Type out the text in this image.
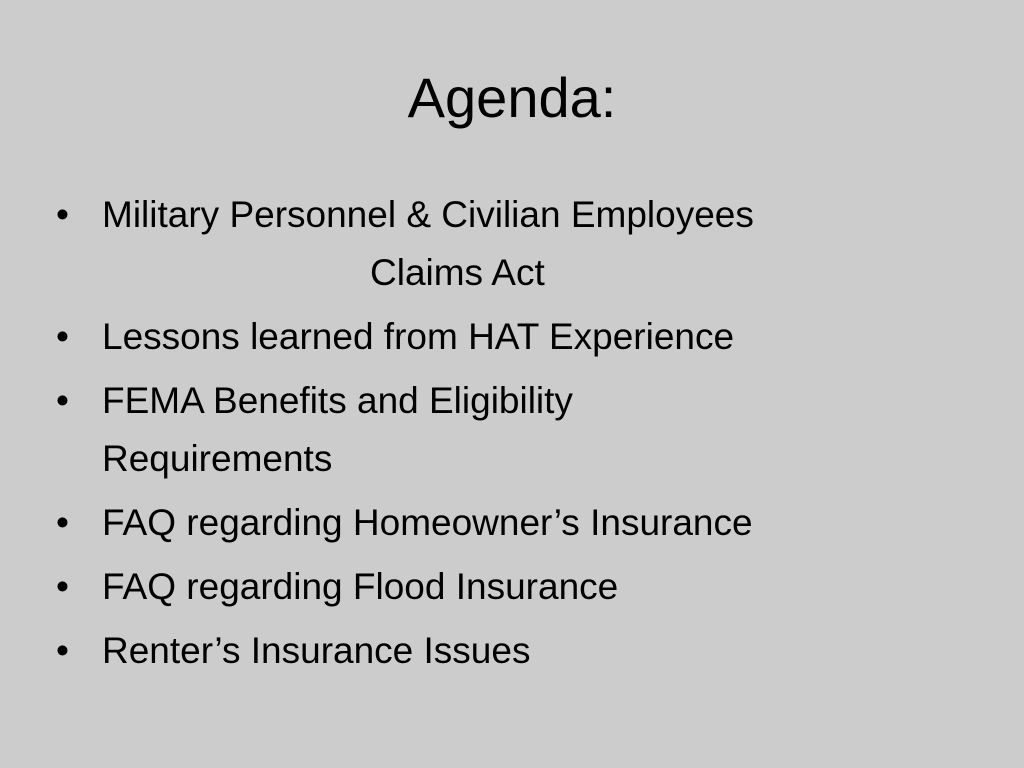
Agenda:
• Military Personnel & Civilian Employees
Claims Act
• Lessons learned from HAT Experience
• FEMA Benefits and Eligibility
Requirements
• FAQ regarding Homeowner’s Insurance
• FAQ regarding Flood Insurance
• Renter’s Insurance Issues
